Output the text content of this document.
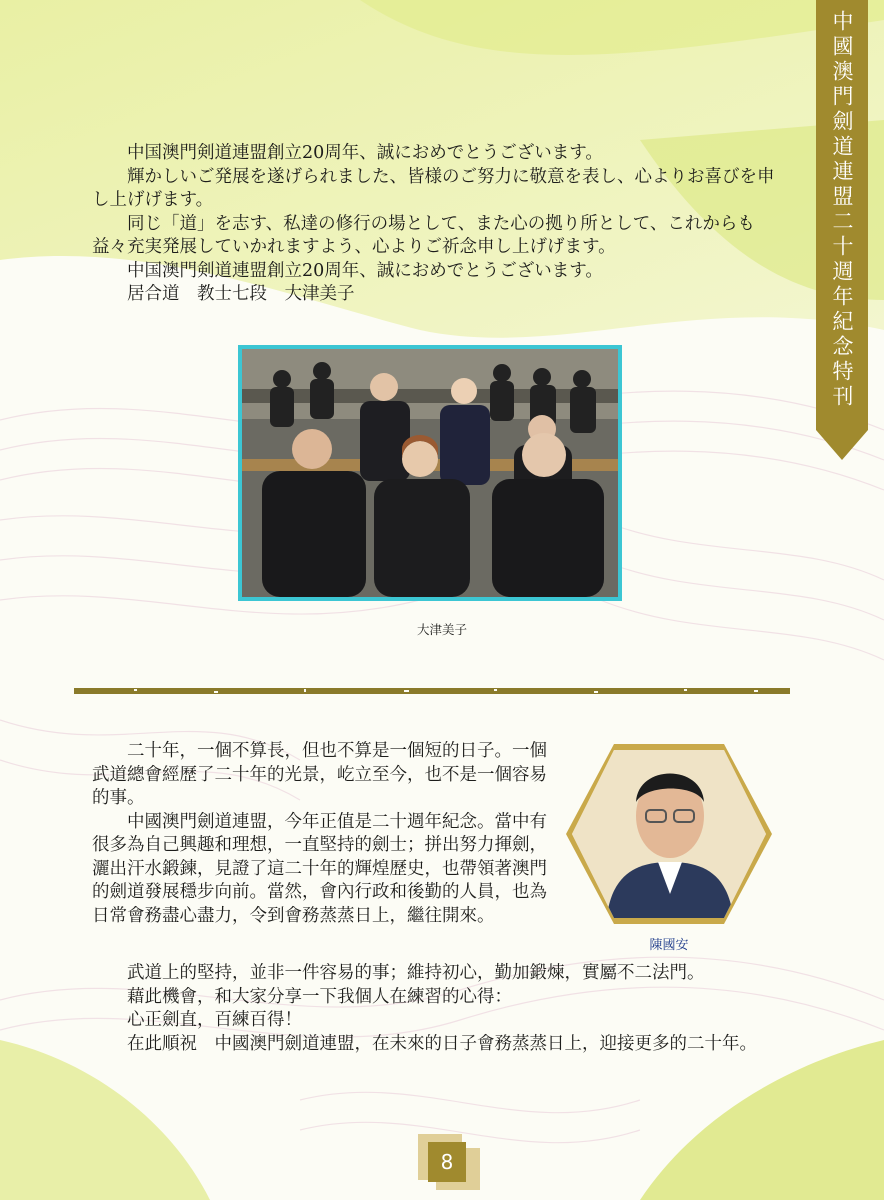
中國澳門劍道連盟二十週年紀念特刊

中国澳門剣道連盟創立20周年、誠におめでとうございます。

輝かしいご発展を遂げられました、皆様のご努力に敬意を表し、心よりお喜びを申し上げげます。

同じ「道」を志す、私達の修行の場として、また心の拠り所として、これからも益々充実発展していかれますよう、心よりご祈念申し上げげます。

中国澳門剣道連盟創立20周年、誠におめでとうございます。

居合道　教士七段　大津美子

大津美子

二十年，一個不算長，但也不算是一個短的日子。一個武道總會經歷了二十年的光景，屹立至今，也不是一個容易的事。

中國澳門劍道連盟，今年正值是二十週年紀念。當中有很多為自己興趣和理想，一直堅持的劍士；拼出努力揮劍，灑出汗水鍛鍊，見證了這二十年的輝煌歷史，也帶領著澳門的劍道發展穩步向前。當然，會內行政和後勤的人員，也為日常會務盡心盡力，令到會務蒸蒸日上，繼往開來。

陳國安

武道上的堅持，並非一件容易的事；維持初心，勤加鍛煉，實屬不二法門。

藉此機會，和大家分享一下我個人在練習的心得：

心正劍直，百練百得！

在此順祝　中國澳門劍道連盟，在未來的日子會務蒸蒸日上，迎接更多的二十年。

8
